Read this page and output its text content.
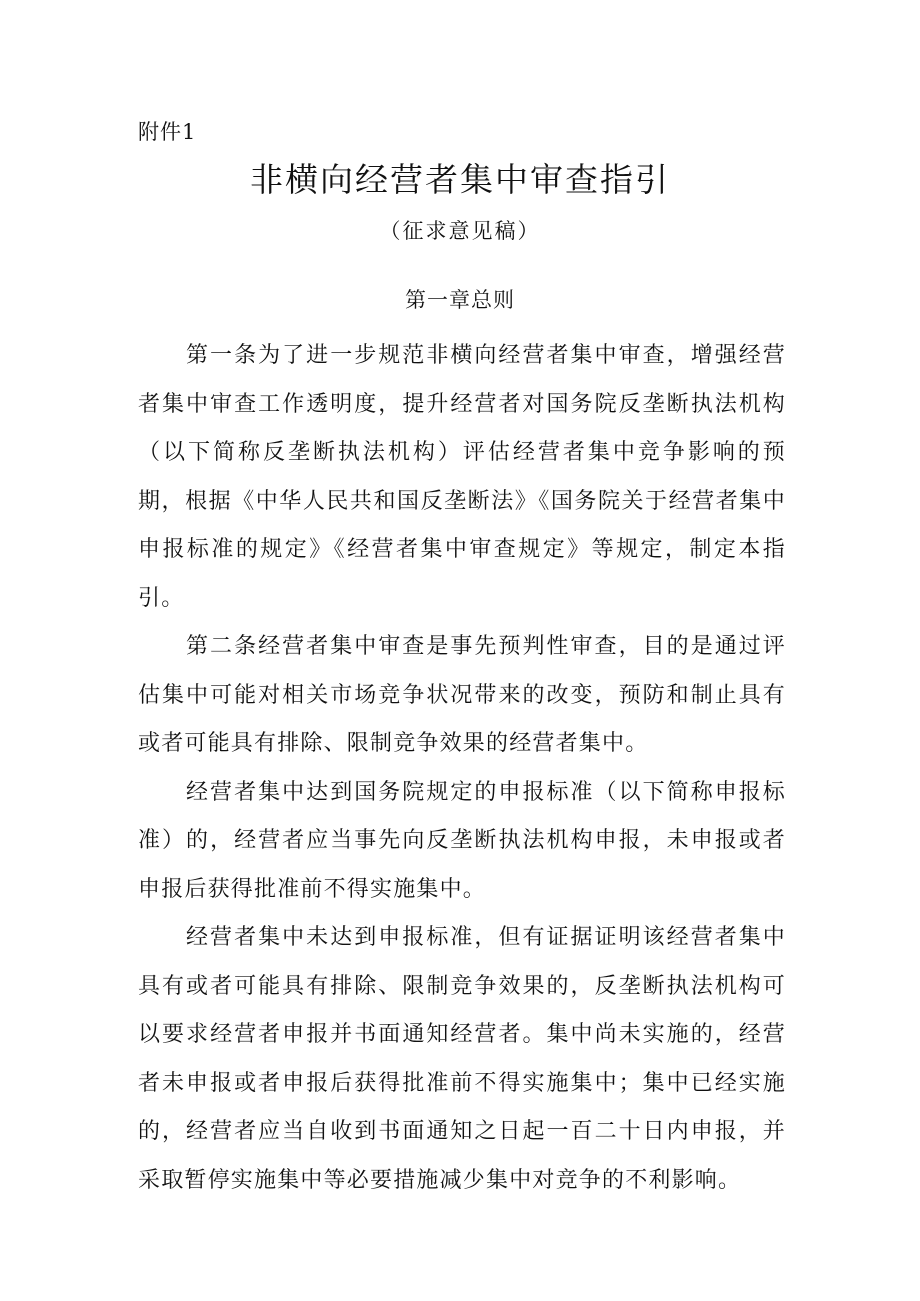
附件1
非横向经营者集中审查指引
（征求意见稿）
第一章总则

第一条为了进一步规范非横向经营者集中审查，增强经营者集中审查工作透明度，提升经营者对国务院反垄断执法机构（以下简称反垄断执法机构）评估经营者集中竞争影响的预期，根据《中华人民共和国反垄断法》《国务院关于经营者集中申报标准的规定》《经营者集中审查规定》等规定，制定本指引。

第二条经营者集中审查是事先预判性审查，目的是通过评估集中可能对相关市场竞争状况带来的改变，预防和制止具有或者可能具有排除、限制竞争效果的经营者集中。

经营者集中达到国务院规定的申报标准（以下简称申报标准）的，经营者应当事先向反垄断执法机构申报，未申报或者申报后获得批准前不得实施集中。

经营者集中未达到申报标准，但有证据证明该经营者集中具有或者可能具有排除、限制竞争效果的，反垄断执法机构可以要求经营者申报并书面通知经营者。集中尚未实施的，经营者未申报或者申报后获得批准前不得实施集中；集中已经实施的，经营者应当自收到书面通知之日起一百二十日内申报，并采取暂停实施集中等必要措施减少集中对竞争的不利影响。
